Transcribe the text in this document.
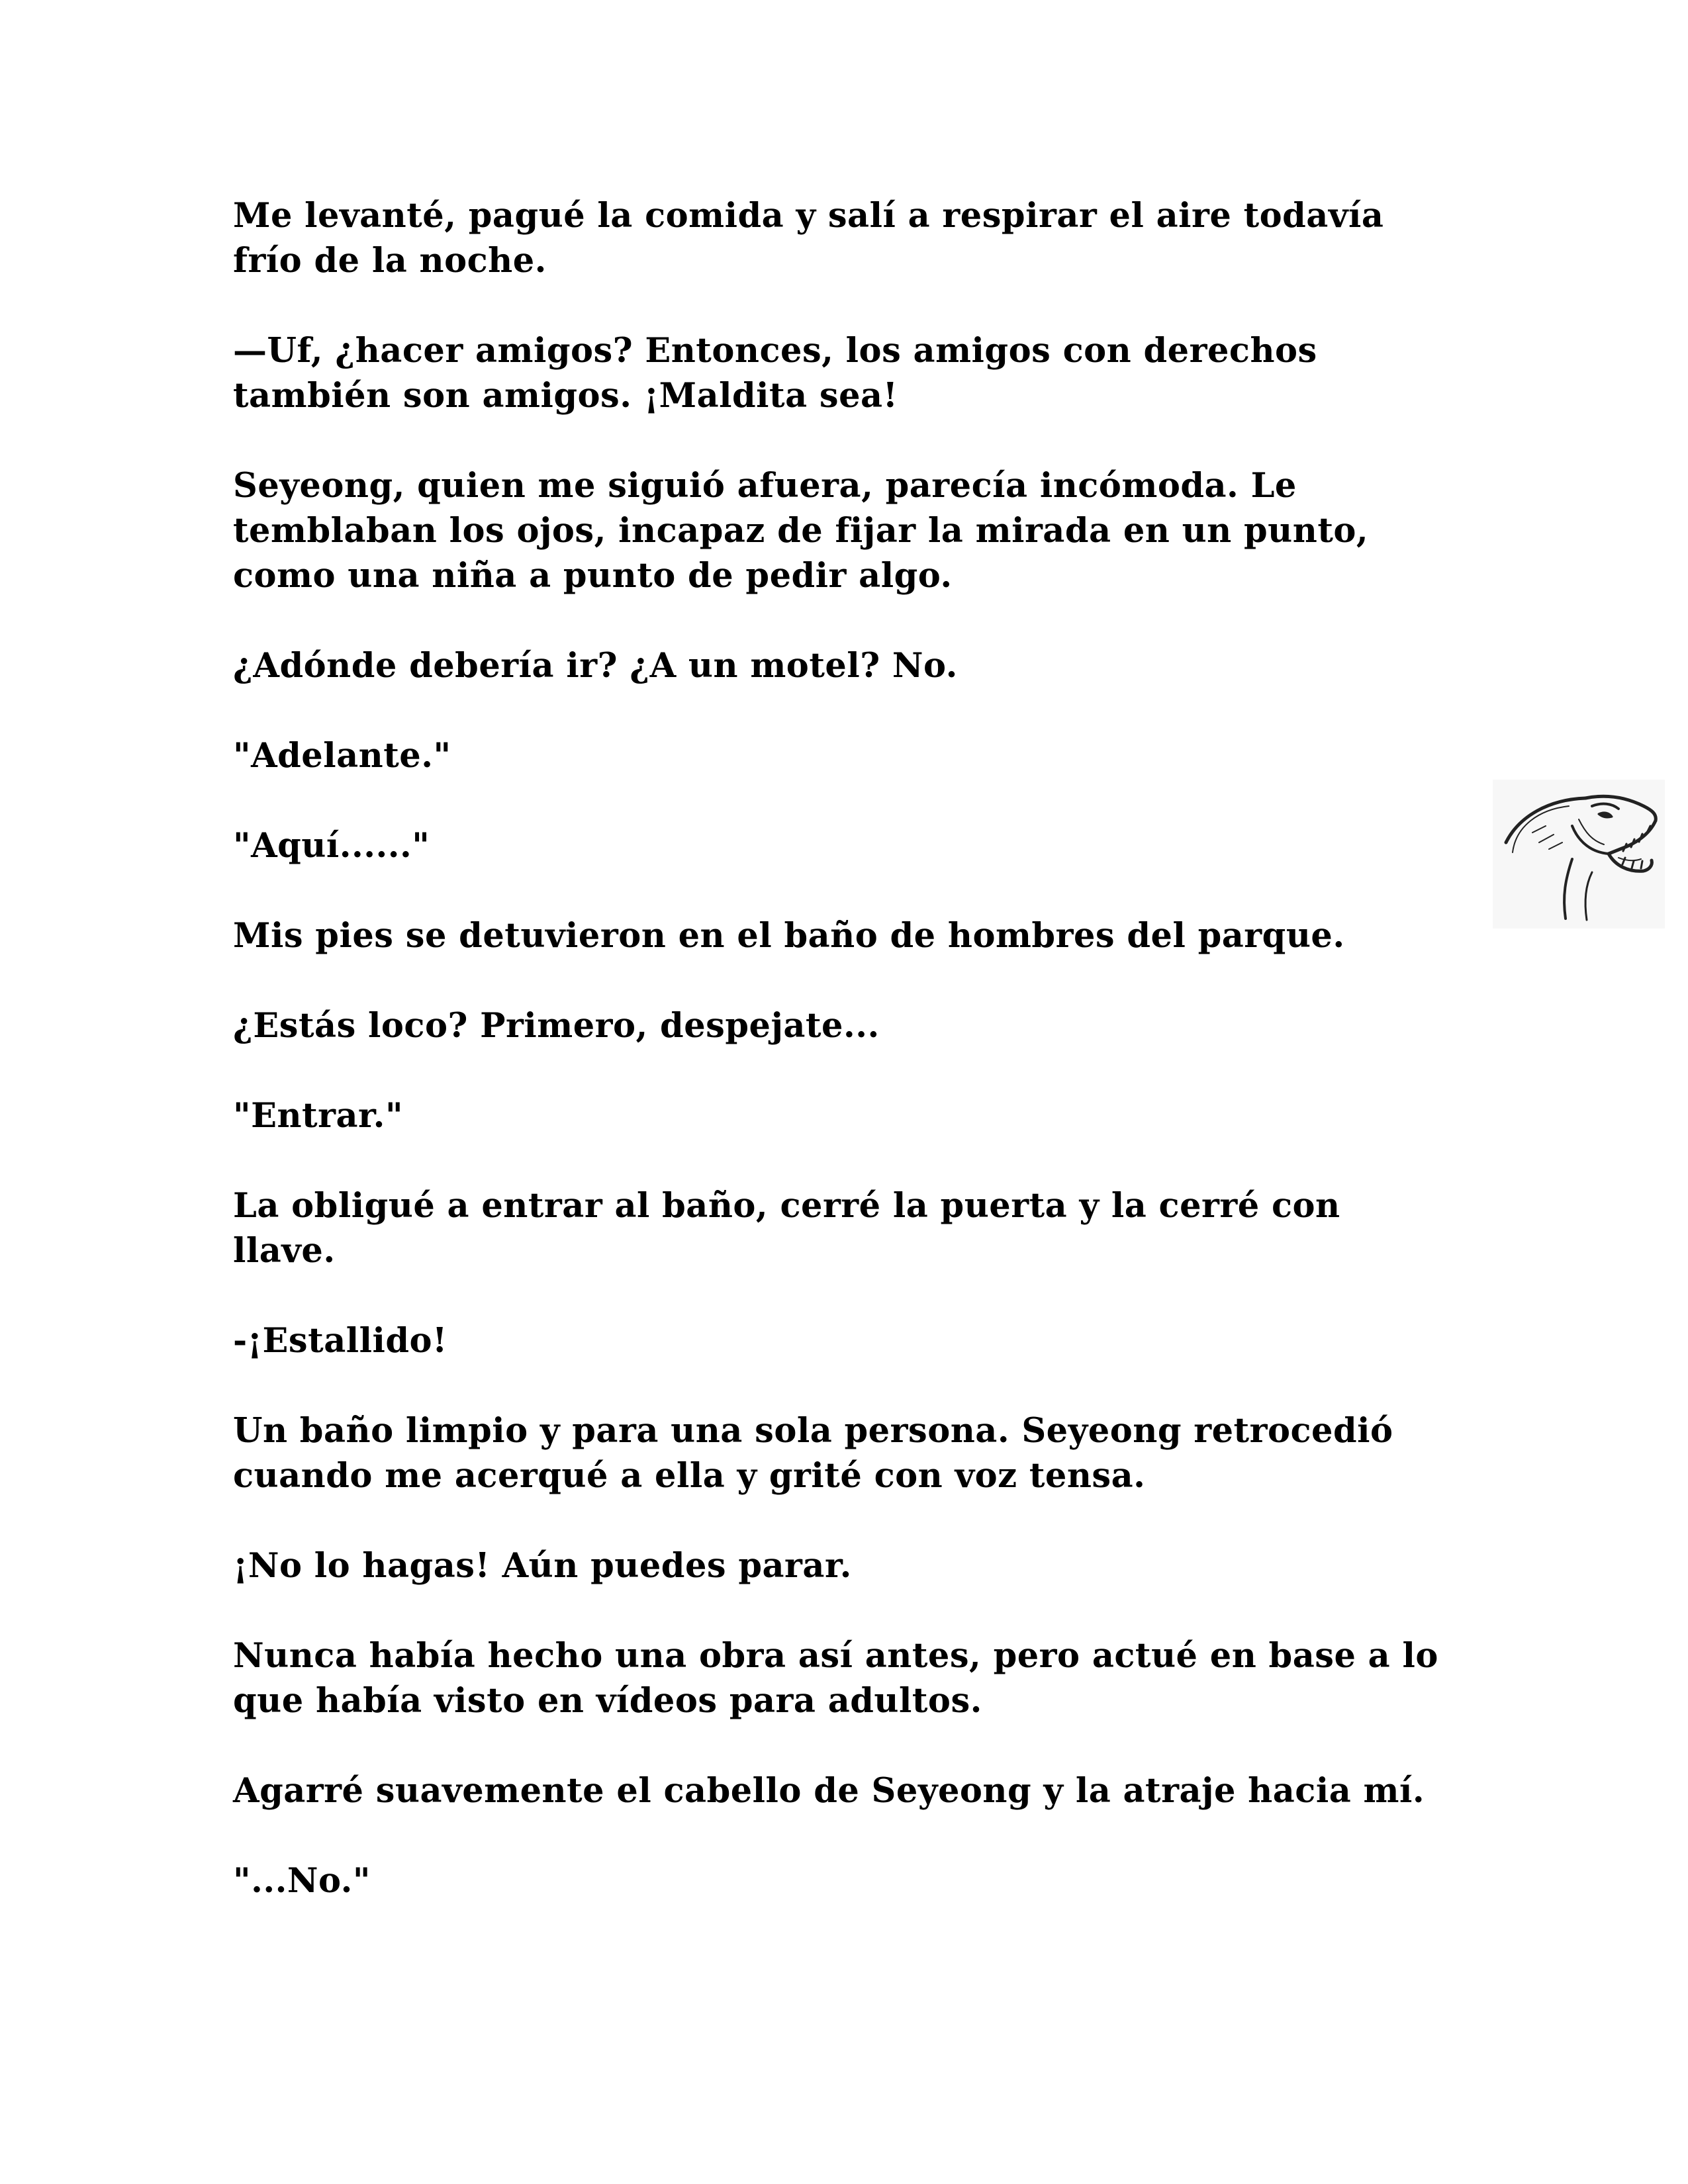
Me levanté, pagué la comida y salí a respirar el aire todavía
frío de la noche.

—Uf, ¿hacer amigos? Entonces, los amigos con derechos
también son amigos. ¡Maldita sea!

Seyeong, quien me siguió afuera, parecía incómoda. Le
temblaban los ojos, incapaz de fijar la mirada en un punto,
como una niña a punto de pedir algo.

¿Adónde debería ir? ¿A un motel? No.

"Adelante."

"Aquí......"

Mis pies se detuvieron en el baño de hombres del parque.

¿Estás loco? Primero, despejate...

"Entrar."

La obligué a entrar al baño, cerré la puerta y la cerré con
llave.

-¡Estallido!

Un baño limpio y para una sola persona. Seyeong retrocedió
cuando me acerqué a ella y grité con voz tensa.

¡No lo hagas! Aún puedes parar.

Nunca había hecho una obra así antes, pero actué en base a lo
que había visto en vídeos para adultos.

Agarré suavemente el cabello de Seyeong y la atraje hacia mí.

"...No."
